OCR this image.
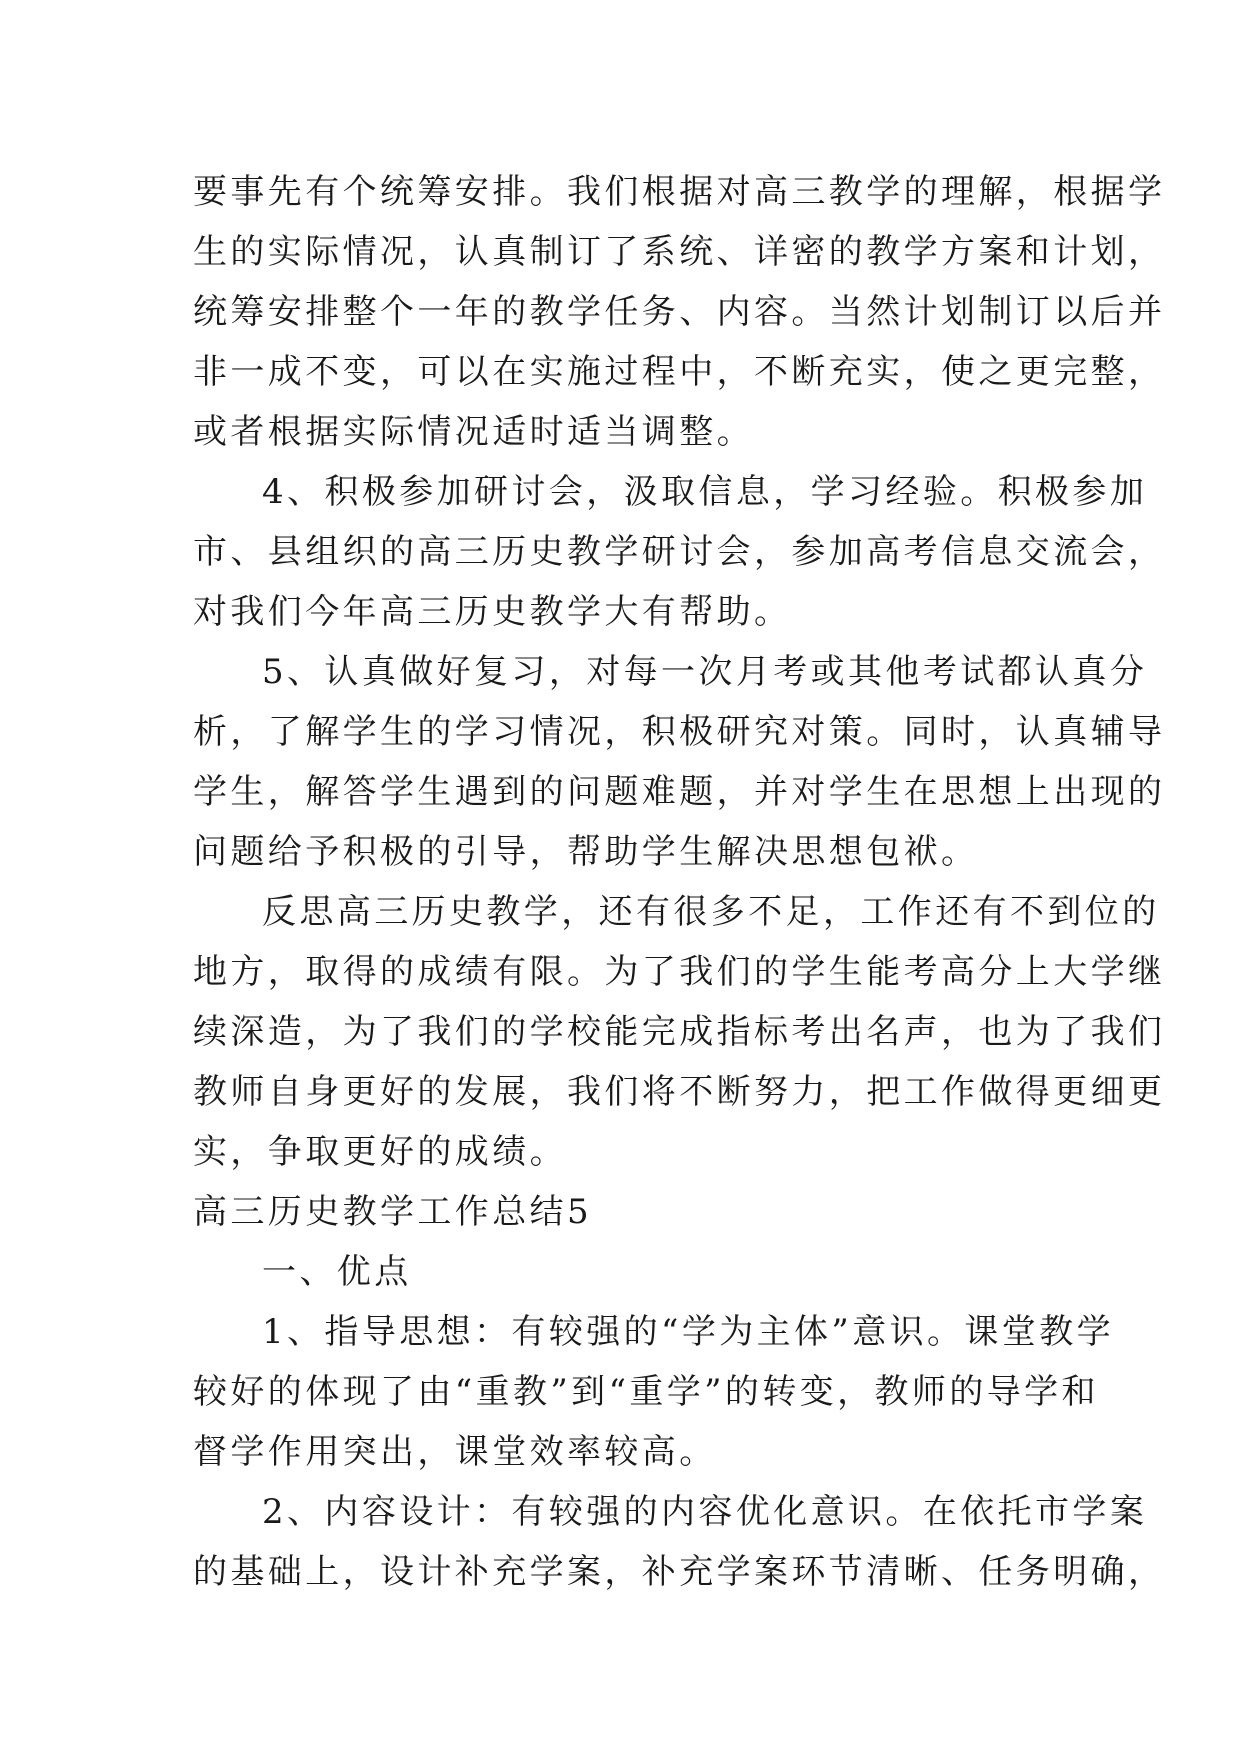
要事先有个统筹安排。我们根据对高三教学的理解，根据学
生的实际情况，认真制订了系统、详密的教学方案和计划，
统筹安排整个一年的教学任务、内容。当然计划制订以后并
非一成不变，可以在实施过程中，不断充实，使之更完整，
或者根据实际情况适时适当调整。
4、积极参加研讨会，汲取信息，学习经验。积极参加
市、县组织的高三历史教学研讨会，参加高考信息交流会，
对我们今年高三历史教学大有帮助。
5、认真做好复习，对每一次月考或其他考试都认真分
析，了解学生的学习情况，积极研究对策。同时，认真辅导
学生，解答学生遇到的问题难题，并对学生在思想上出现的
问题给予积极的引导，帮助学生解决思想包袱。
反思高三历史教学，还有很多不足，工作还有不到位的
地方，取得的成绩有限。为了我们的学生能考高分上大学继
续深造，为了我们的学校能完成指标考出名声，也为了我们
教师自身更好的发展，我们将不断努力，把工作做得更细更
实，争取更好的成绩。
高三历史教学工作总结5
一、优点
1、指导思想：有较强的“学为主体”意识。课堂教学
较好的体现了由“重教”到“重学”的转变，教师的导学和
督学作用突出，课堂效率较高。
2、内容设计：有较强的内容优化意识。在依托市学案
的基础上，设计补充学案，补充学案环节清晰、任务明确，
